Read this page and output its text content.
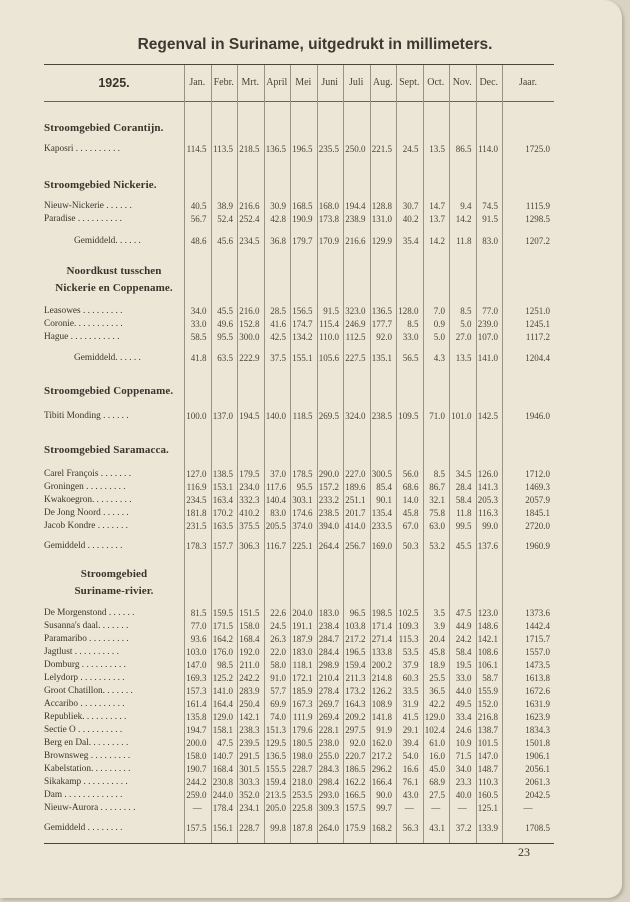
Regenval in Suriname, uitgedrukt in millimeters.
1925.	Jan. Febr. Mrt. April Mei	Juni	Juli Aug. Sept. Oct. Nov. Dec.	Jaar.
Stroomgebied Corantijn.
Kaposri . . . . . . . . . .	114.5 113.5 218.5 136.5 196.5 235.5 250.0 221.5	24.5	13.5	86.5 114.0	1725.0
Stroomgebied Nickerie.
Nieuw-Nickerie . . . . . .	40.5	38.9 216.6	30.9 168.5 168.0 194.4 128.8	30.7	14.7	9.4	74.5	1115.9
Paradise . . . . . . . . . .	56.7	52.4 252.4	42.8 190.9 173.8 238.9 131.0	40.2	13.7	14.2	91.5	1298.5
Gemiddeld. . . . . .	48.6	45.6 234.5	36.8 179.7 170.9 216.6 129.9	35.4	14.2	11.8	83.0	1207.2
Noordkust tusschen
Nickerie en Coppename.
Leasowes . . . . . . . . .	34.0	45.5 216.0	28.5 156.5	91.5 323.0 136.5 128.0	7.0	8.5	77.0	1251.0
Coronie. . . . . . . . . . .	33.0	49.6 152.8	41.6 174.7 115.4 246.9 177.7	8.5	0.9	5.0 239.0	1245.1
Hague . . . . . . . . . . .	58.5	95.5 300.0	42.5 134.2 110.0 112.5	92.0	33.0	5.0	27.0 107.0	1117.2
Gemiddeld. . . . . .	41.8	63.5 222.9	37.5 155.1 105.6 227.5 135.1	56.5	4.3	13.5 141.0	1204.4
Stroomgebied Coppename.
Tibiti Monding . . . . . .	100.0 137.0 194.5 140.0 118.5 269.5 324.0 238.5 109.5	71.0 101.0 142.5	1946.0
Stroomgebied Saramacca.
Carel François . . . . . . .	127.0 138.5 179.5	37.0 178.5 290.0 227.0 300.5	56.0	8.5	34.5 126.0	1712.0
Groningen . . . . . . . . .	116.9 153.1 234.0 117.6	95.5 157.2 189.6	85.4	68.6	86.7	28.4 141.3	1469.3
Kwakoegron. . . . . . . . .	234.5 163.4 332.3 140.4 303.1 233.2 251.1	90.1	14.0	32.1	58.4 205.3	2057.9
De Jong Noord . . . . . .	181.8 170.2 410.2	83.0 174.6 238.5 201.7 135.4	45.8	75.8	11.8 116.3	1845.1
Jacob Kondre . . . . . . .	231.5 163.5 375.5 205.5 374.0 394.0 414.0 233.5	67.0	63.0	99.5	99.0	2720.0
Gemiddeld . . . . . . . .	178.3 157.7 306.3 116.7 225.1 264.4 256.7 169.0	50.3	53.2	45.5 137.6	1960.9
Stroomgebied
Suriname-rivier.
De Morgenstond . . . . . .	81.5 159.5 151.5	22.6 204.0 183.0	96.5 198.5 102.5	3.5	47.5 123.0	1373.6
Susanna's daal. . . . . . .	77.0 171.5 158.0	24.5 191.1 238.4 103.8 171.4 109.3	3.9	44.9 148.6	1442.4
Paramaribo . . . . . . . . .	93.6 164.2 168.4	26.3 187.9 284.7 217.2 271.4 115.3	20.4	24.2 142.1	1715.7
Jagtlust . . . . . . . . . .	103.0 176.0 192.0	22.0 183.0 284.4 196.5 133.8	53.5	45.8	58.4 108.6	1557.0
Domburg . . . . . . . . . .	147.0	98.5 211.0	58.0 118.1 298.9 159.4 200.2	37.9	18.9	19.5 106.1	1473.5
Lelydorp . . . . . . . . . .	169.3 125.2 242.2	91.0 172.1 210.4 211.3 214.8	60.3	25.5	33.0	58.7	1613.8
Groot Chatillon. . . . . . .	157.3 141.0 283.9	57.7 185.9 278.4 173.2 126.2	33.5	36.5	44.0 155.9	1672.6
Accaribo . . . . . . . . . .	161.4 164.4 250.4	69.9 167.3 269.7 164.3 108.9	31.9	42.2	49.5 152.0	1631.9
Republiek. . . . . . . . . .	135.8 129.0 142.1	74.0 111.9 269.4 209.2 141.8	41.5 129.0	33.4 216.8	1623.9
Sectie O . . . . . . . . . .	194.7 158.1 238.3 151.3 179.6 228.1 297.5	91.9	29.1 102.4	24.6 138.7	1834.3
Berg en Dal. . . . . . . . .	200.0	47.5 239.5 129.5 180.5 238.0	92.0 162.0	39.4	61.0	10.9 101.5	1501.8
Brownsweg . . . . . . . . .	158.0 140.7 291.5 136.5 198.0 255.0 220.7 217.2	54.0	16.0	71.5 147.0	1906.1
Kabelstation. . . . . . . . .	190.7 168.4 301.5 155.5 228.7 284.3 186.5 296.2	16.6	45.0	34.0 148.7	2056.1
Sikakamp . . . . . . . . . .	244.2 230.8 303.3 159.4 218.0 298.4 162.2 166.4	76.1	68.9	23.3 110.3	2061.3
Dam . . . . . . . . . . . . .	259.0 244.0 352.0 213.5 253.5 293.0 166.5	90.0	43.0	27.5	40.0 160.5	2042.5
Nieuw-Aurora . . . . . . . .	—	178.4 234.1 205.0 225.8 309.3 157.5	99.7	—	—	—	125.1	—
Gemiddeld . . . . . . . .	157.5 156.1 228.7	99.8 187.8 264.0 175.9 168.2	56.3	43.1	37.2 133.9	1708.5
23
